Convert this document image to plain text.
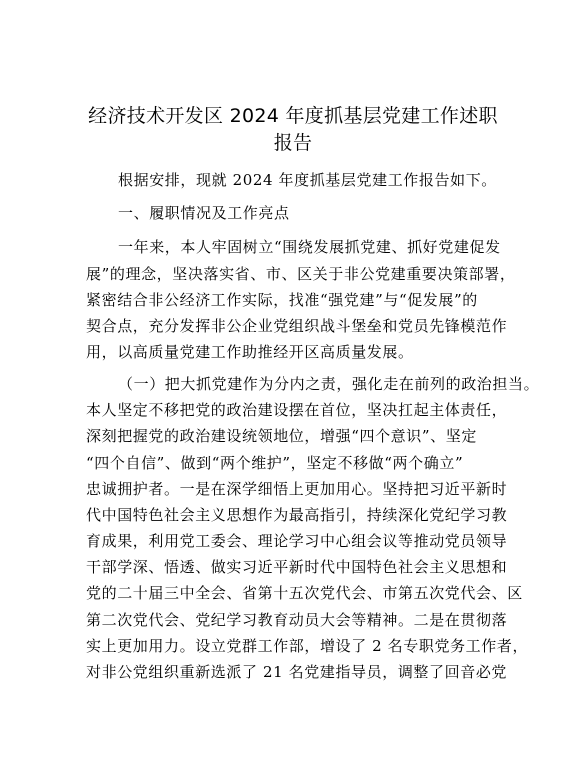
经济技术开发区 2024 年度抓基层党建工作述职
报告
根据安排，现就 2024 年度抓基层党建工作报告如下。
一、履职情况及工作亮点
一年来，本人牢固树立“围绕发展抓党建、抓好党建促发
展”的理念，坚决落实省、市、区关于非公党建重要决策部署，
紧密结合非公经济工作实际，找准“强党建”与“促发展”的
契合点，充分发挥非公企业党组织战斗堡垒和党员先锋模范作
用，以高质量党建工作助推经开区高质量发展。
（一）把大抓党建作为分内之责，强化走在前列的政治担当。
本人坚定不移把党的政治建设摆在首位，坚决扛起主体责任，
深刻把握党的政治建设统领地位，增强“四个意识”、坚定
“四个自信”、做到“两个维护”，坚定不移做“两个确立”
忠诚拥护者。一是在深学细悟上更加用心。坚持把习近平新时
代中国特色社会主义思想作为最高指引，持续深化党纪学习教
育成果，利用党工委会、理论学习中心组会议等推动党员领导
干部学深、悟透、做实习近平新时代中国特色社会主义思想和
党的二十届三中全会、省第十五次党代会、市第五次党代会、区
第二次党代会、党纪学习教育动员大会等精神。二是在贯彻落
实上更加用力。设立党群工作部，增设了 2 名专职党务工作者，
对非公党组织重新选派了 21 名党建指导员，调整了回音必党
